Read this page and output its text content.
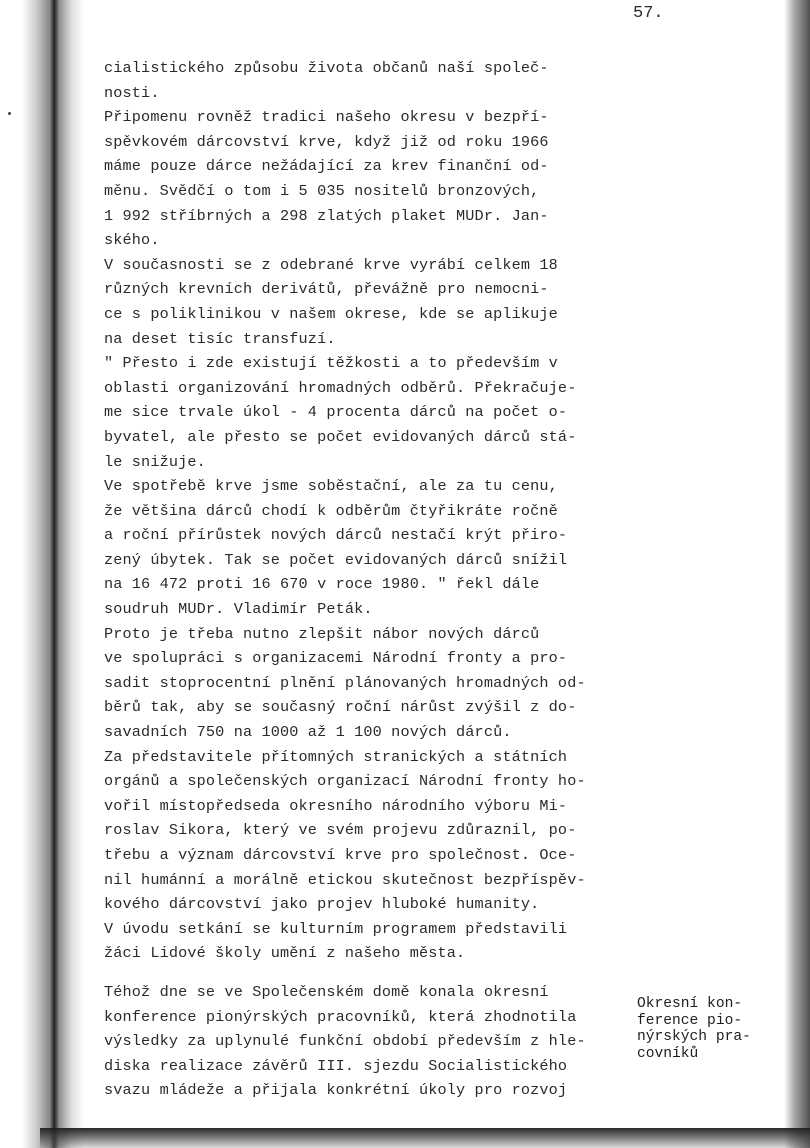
57.
cialistického způsobu života občanů naší společ-
nosti.
Připomenu rovněž tradici našeho okresu v bezpří-
spěvkovém dárcovství krve, když již od roku 1966
máme pouze dárce nežádající za krev finanční od-
měnu. Svědčí o tom i 5 035 nositelů bronzových,
1 992 stříbrných a 298 zlatých plaket MUDr. Jan-
ského.
V současnosti se z odebrané krve vyrábí celkem 18
různých krevních derivátů, převážně pro nemocni-
ce s poliklinikou v našem okrese, kde se aplikuje
na deset tisíc transfuzí.
" Přesto i zde existují těžkosti a to především v
oblasti organizování hromadných odběrů. Překračuje-
me sice trvale úkol - 4 procenta dárců na počet o-
byvatel, ale přesto se počet evidovaných dárců stá-
le snižuje.
Ve spotřebě krve jsme soběstační, ale za tu cenu,
že většina dárců chodí k odběrům čtyřikráte ročně
a roční přírůstek nových dárců nestačí krýt přiro-
zený úbytek. Tak se počet evidovaných dárců snížil
na 16 472 proti 16 670 v roce 1980. " řekl dále
soudruh MUDr. Vladimír Peták.
Proto je třeba nutno zlepšit nábor nových dárců
ve spolupráci s organizacemi Národní fronty a pro-
sadit stoprocentní plnění plánovaných hromadných od-
běrů tak, aby se současný roční nárůst zvýšil z do-
savadních 750 na 1000 až 1 100 nových dárců.
Za představitele přítomných stranických a státních
orgánů a společenských organizací Národní fronty ho-
vořil místopředseda okresního národního výboru Mi-
roslav Sikora, který ve svém projevu zdůraznil, po-
třebu a význam dárcovství krve pro společnost. Oce-
nil humánní a morálně etickou skutečnost bezpříspěv-
kového dárcovství jako projev hluboké humanity.
V úvodu setkání se kulturním programem představili
žáci Lidové školy umění z našeho města.
Téhož dne se ve Společenském domě konala okresní
konference pionýrských pracovníků, která zhodnotila
výsledky za uplynulé funkční období především z hle-
diska realizace závěrů III. sjezdu Socialistického
svazu mládeže a přijala konkrétní úkoly pro rozvoj
Okresní kon-
ference pio-
nýrských pra-
covníků
